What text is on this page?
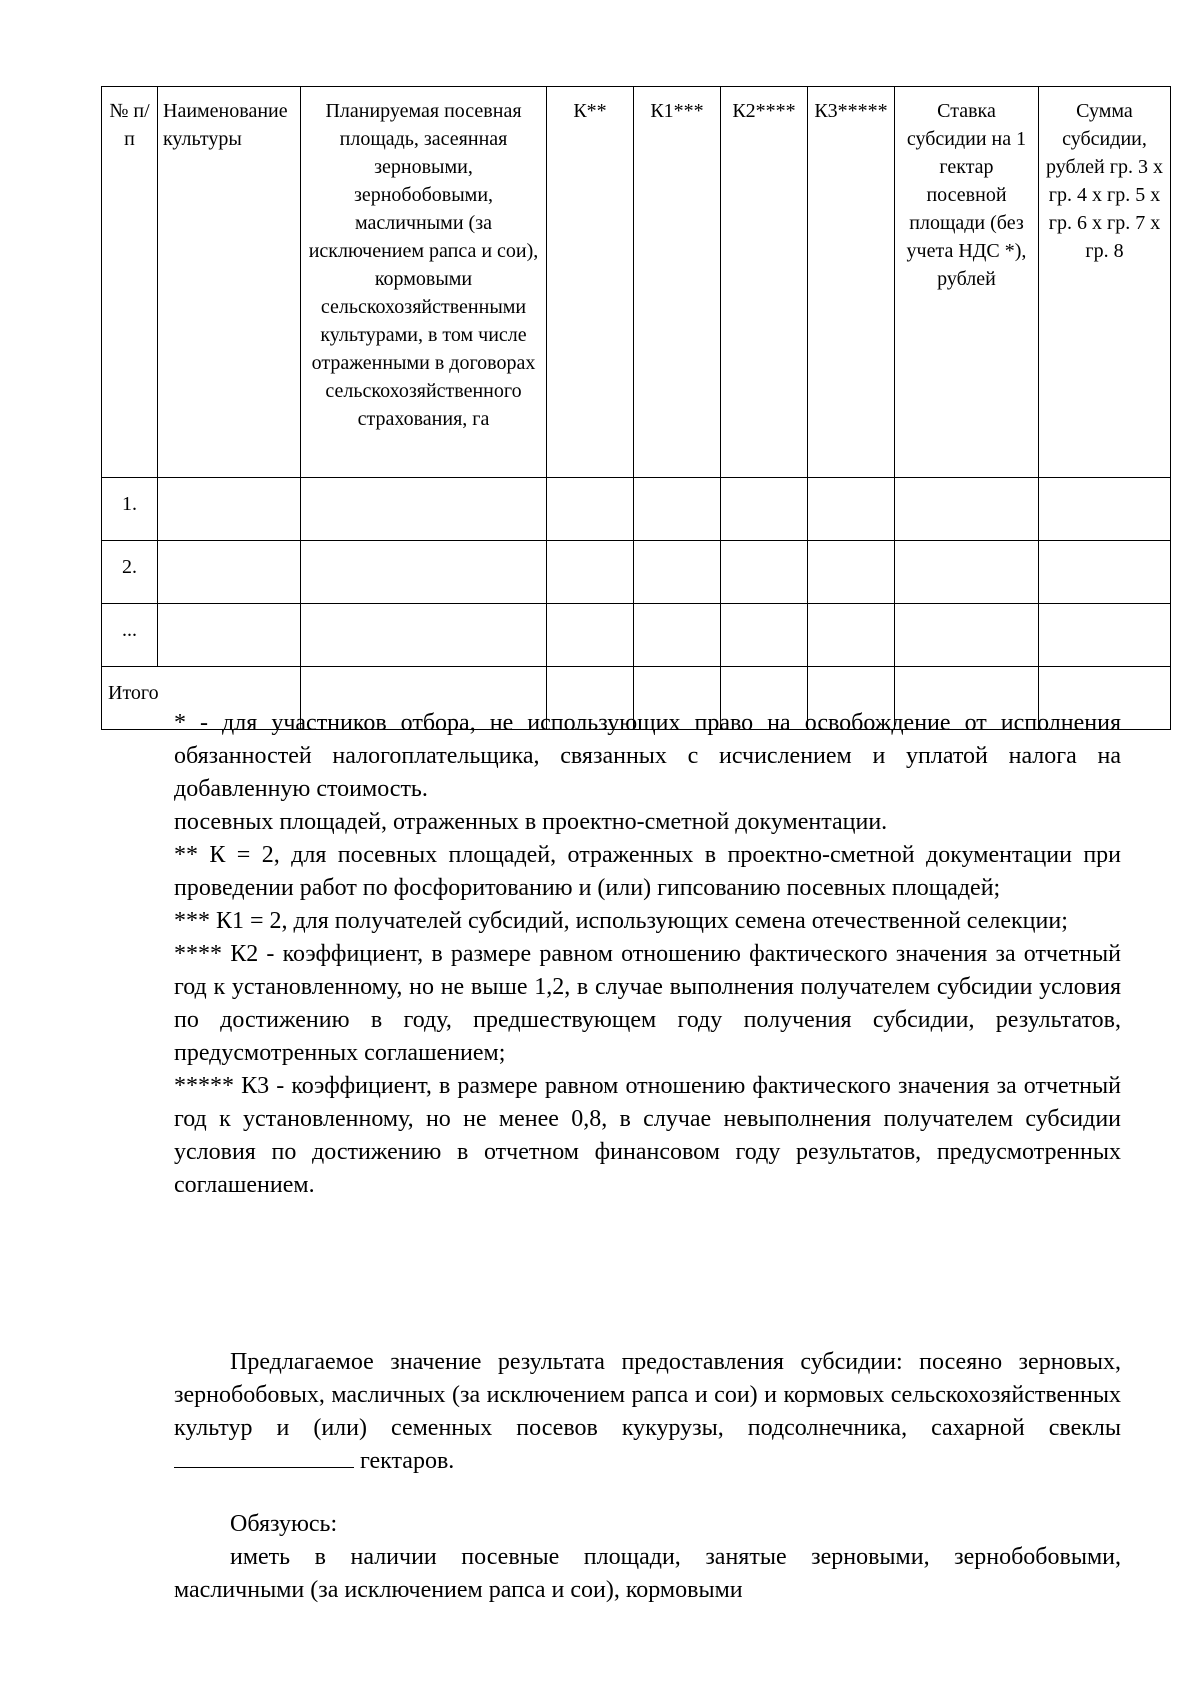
№ п/п	Наименование культуры	Планируемая посевная площадь, засеянная зерновыми, зернобобовыми, масличными (за исключением рапса и сои), кормовыми сельскохозяйственными культурами, в том числе отраженными в договорах сельскохозяйственного страхования, га	К**	К1***	К2****	К3*****	Ставка субсидии на 1 гектар посевной площади (без учета НДС *), рублей	Сумма субсидии, рублей гр. 3 х гр. 4 х гр. 5 х гр. 6 х гр. 7 х гр. 8
1.								
2.								
...								
Итого								

* - для участников отбора, не использующих право на освобождение от исполнения обязанностей налогоплательщика, связанных с исчислением и уплатой налога на добавленную стоимость.

посевных площадей, отраженных в проектно-сметной документации.

** К = 2, для посевных площадей, отраженных в проектно-сметной документации при проведении работ по фосфоритованию и (или) гипсованию посевных площадей;

*** К1 = 2, для получателей субсидий, использующих семена отечественной селекции;

**** К2 - коэффициент, в размере равном отношению фактического значения за отчетный год к установленному, но не выше 1,2, в случае выполнения получателем субсидии условия по достижению в году, предшествующем году получения субсидии, результатов, предусмотренных соглашением;

***** К3 - коэффициент, в размере равном отношению фактического значения за отчетный год к установленному, но не менее 0,8, в случае невыполнения получателем субсидии условия по достижению в отчетном финансовом году результатов, предусмотренных соглашением.

Предлагаемое значение результата предоставления субсидии: посеяно зерновых, зернобобовых, масличных (за исключением рапса и сои) и кормовых сельскохозяйственных культур и (или) семенных посевов кукурузы, подсолнечника, сахарной свеклы  гектаров.

Обязуюсь:

иметь в наличии посевные площади, занятые зерновыми, зернобобовыми, масличными (за исключением рапса и сои), кормовыми
